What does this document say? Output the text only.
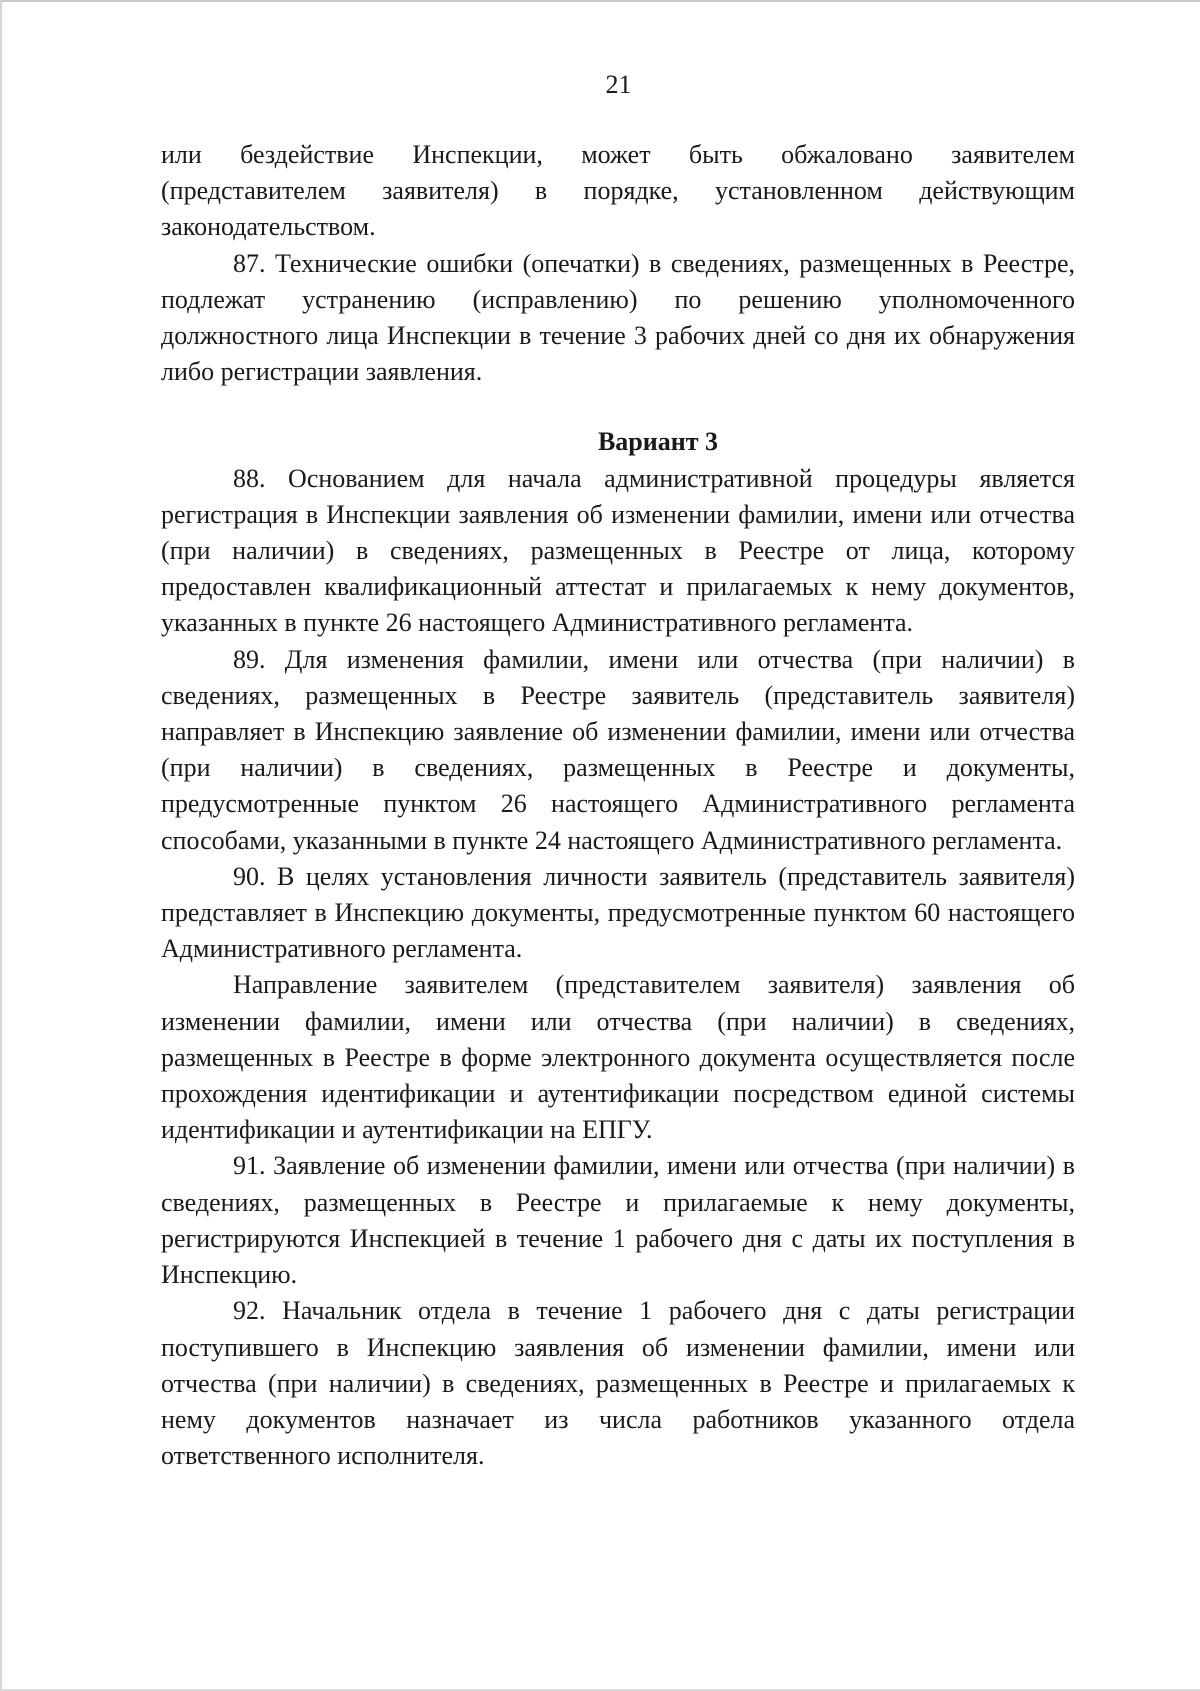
21

или бездействие Инспекции, может быть обжаловано заявителем (представителем заявителя) в порядке, установленном действующим законодательством.

87. Технические ошибки (опечатки) в сведениях, размещенных в Реестре, подлежат устранению (исправлению) по решению уполномоченного должностного лица Инспекции в течение 3 рабочих дней со дня их обнаружения либо регистрации заявления.

Вариант 3

88. Основанием для начала административной процедуры является регистрация в Инспекции заявления об изменении фамилии, имени или отчества (при наличии) в сведениях, размещенных в Реестре от лица, которому предоставлен квалификационный аттестат и прилагаемых к нему документов, указанных в пункте 26 настоящего Административного регламента.

89. Для изменения фамилии, имени или отчества (при наличии) в сведениях, размещенных в Реестре заявитель (представитель заявителя) направляет в Инспекцию заявление об изменении фамилии, имени или отчества (при наличии) в сведениях, размещенных в Реестре и документы, предусмотренные пунктом 26 настоящего Административного регламента способами, указанными в пункте 24 настоящего Административного регламента.

90. В целях установления личности заявитель (представитель заявителя) представляет в Инспекцию документы, предусмотренные пунктом 60 настоящего Административного регламента.

Направление заявителем (представителем заявителя) заявления об изменении фамилии, имени или отчества (при наличии) в сведениях, размещенных в Реестре в форме электронного документа осуществляется после прохождения идентификации и аутентификации посредством единой системы идентификации и аутентификации на ЕПГУ.

91. Заявление об изменении фамилии, имени или отчества (при наличии) в сведениях, размещенных в Реестре и прилагаемые к нему документы, регистрируются Инспекцией в течение 1 рабочего дня с даты их поступления в Инспекцию.

92. Начальник отдела в течение 1 рабочего дня с даты регистрации поступившего в Инспекцию заявления об изменении фамилии, имени или отчества (при наличии) в сведениях, размещенных в Реестре и прилагаемых к нему документов назначает из числа работников указанного отдела ответственного исполнителя.
